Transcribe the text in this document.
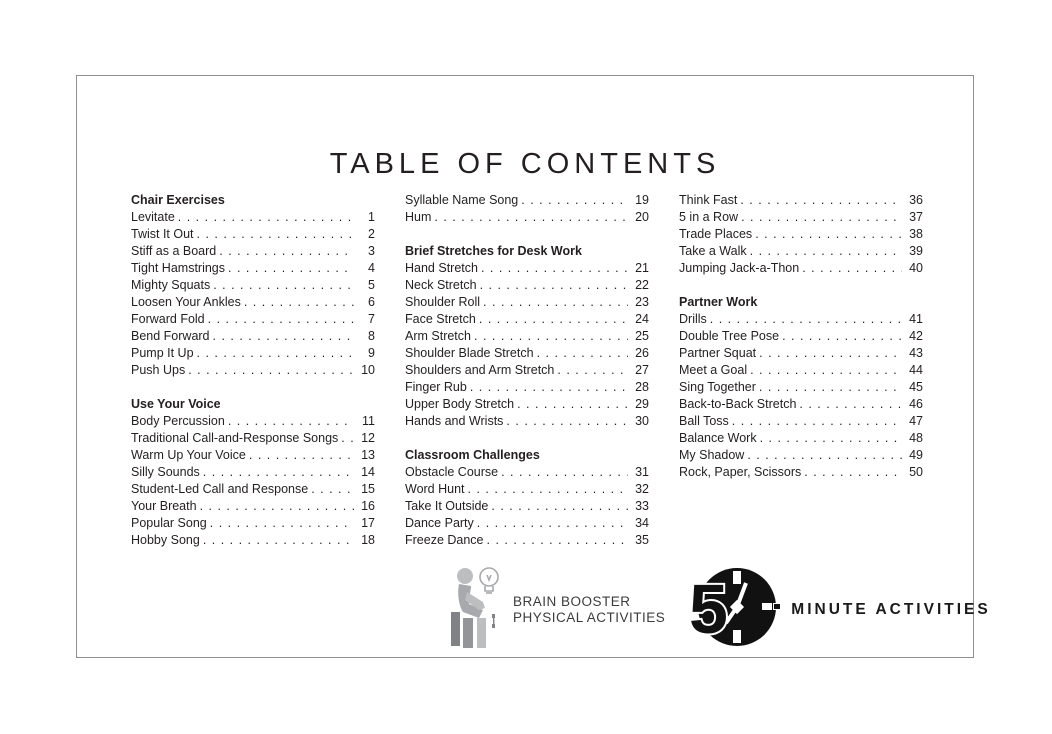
TABLE OF CONTENTS
Chair Exercises
Levitate . . .	1
Twist It Out . . .	2
Stiff as a Board . . .	3
Tight Hamstrings . . .	4
Mighty Squats . . .	5
Loosen Your Ankles . . .	6
Forward Fold . . .	7
Bend Forward . . .	8
Pump It Up . . .	9
Push Ups . . .	10
Use Your Voice
Body Percussion . . .	11
Traditional Call-and-Response Songs . . .	12
Warm Up Your Voice . . .	13
Silly Sounds . . .	14
Student-Led Call and Response . . .	15
Your Breath . . .	16
Popular Song . . .	17
Hobby Song . . .	18
Syllable Name Song . . .	19
Hum . . .	20
Brief Stretches for Desk Work
Hand Stretch . . .	21
Neck Stretch . . .	22
Shoulder Roll . . .	23
Face Stretch . . .	24
Arm Stretch . . .	25
Shoulder Blade Stretch . . .	26
Shoulders and Arm Stretch . . .	27
Finger Rub . . .	28
Upper Body Stretch . . .	29
Hands and Wrists . . .	30
Classroom Challenges
Obstacle Course . . .	31
Word Hunt . . .	32
Take It Outside . . .	33
Dance Party . . .	34
Freeze Dance . . .	35
Think Fast . . .	36
5 in a Row . . .	37
Trade Places . . .	38
Take a Walk . . .	39
Jumping Jack-a-Thon . . .	40
Partner Work
Drills . . .	41
Double Tree Pose . . .	42
Partner Squat . . .	43
Meet a Goal . . .	44
Sing Together . . .	45
Back-to-Back Stretch . . .	46
Ball Toss . . .	47
Balance Work . . .	48
My Shadow . . .	49
Rock, Paper, Scissors . . .	50
BRAIN BOOSTER
PHYSICAL ACTIVITIES 5	MINUTE ACTIVITIES
